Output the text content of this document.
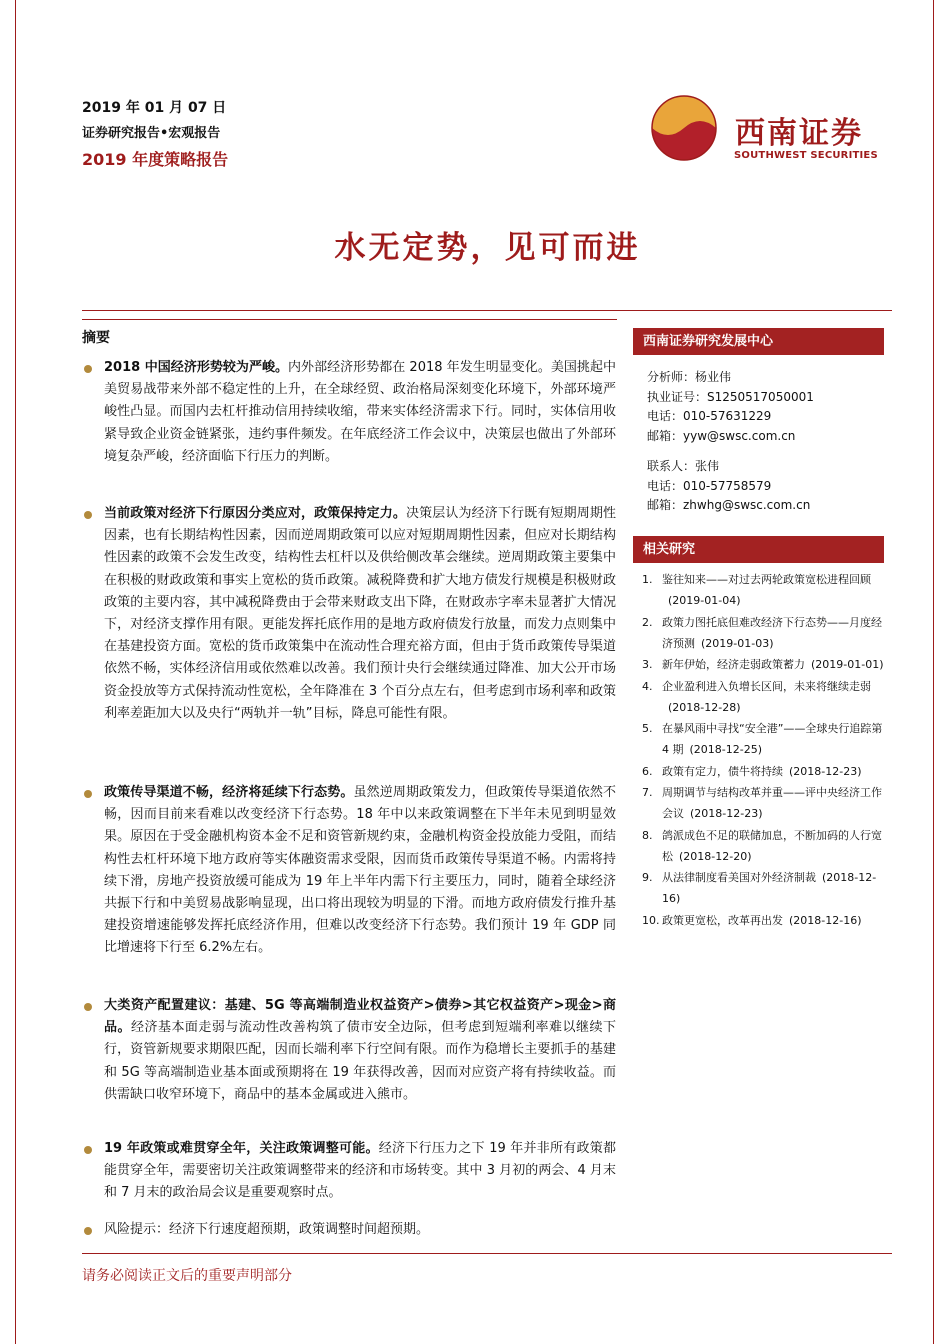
2019 年 01 月 07 日
证券研究报告•宏观报告
2019 年度策略报告
西南证券
SOUTHWEST SECURITIES
水无定势，见可而进
摘要
2018 中国经济形势较为严峻。内外部经济形势都在 2018 年发生明显变化。美国挑起中美贸易战带来外部不稳定性的上升，在全球经贸、政治格局深刻变化环境下，外部环境严峻性凸显。而国内去杠杆推动信用持续收缩，带来实体经济需求下行。同时，实体信用收紧导致企业资金链紧张，违约事件频发。在年底经济工作会议中，决策层也做出了外部环境复杂严峻，经济面临下行压力的判断。
当前政策对经济下行原因分类应对，政策保持定力。决策层认为经济下行既有短期周期性因素，也有长期结构性因素，因而逆周期政策可以应对短期周期性因素，但应对长期结构性因素的政策不会发生改变，结构性去杠杆以及供给侧改革会继续。逆周期政策主要集中在积极的财政政策和事实上宽松的货币政策。减税降费和扩大地方债发行规模是积极财政政策的主要内容，其中减税降费由于会带来财政支出下降，在财政赤字率未显著扩大情况下，对经济支撑作用有限。更能发挥托底作用的是地方政府债发行放量，而发力点则集中在基建投资方面。宽松的货币政策集中在流动性合理充裕方面，但由于货币政策传导渠道依然不畅，实体经济信用或依然难以改善。我们预计央行会继续通过降准、加大公开市场资金投放等方式保持流动性宽松，全年降准在 3 个百分点左右，但考虑到市场利率和政策利率差距加大以及央行“两轨并一轨”目标，降息可能性有限。
政策传导渠道不畅，经济将延续下行态势。虽然逆周期政策发力，但政策传导渠道依然不畅，因而目前来看难以改变经济下行态势。18 年中以来政策调整在下半年未见到明显效果。原因在于受金融机构资本金不足和资管新规约束，金融机构资金投放能力受阻，而结构性去杠杆环境下地方政府等实体融资需求受限，因而货币政策传导渠道不畅。内需将持续下滑，房地产投资放缓可能成为 19 年上半年内需下行主要压力，同时，随着全球经济共振下行和中美贸易战影响显现，出口将出现较为明显的下滑。而地方政府债发行推升基建投资增速能够发挥托底经济作用，但难以改变经济下行态势。我们预计 19 年 GDP 同比增速将下行至 6.2%左右。
大类资产配置建议：基建、5G 等高端制造业权益资产>债券>其它权益资产>现金>商品。经济基本面走弱与流动性改善构筑了债市安全边际，但考虑到短端利率难以继续下行，资管新规要求期限匹配，因而长端利率下行空间有限。而作为稳增长主要抓手的基建和 5G 等高端制造业基本面或预期将在 19 年获得改善，因而对应资产将有持续收益。而供需缺口收窄环境下，商品中的基本金属或进入熊市。
19 年政策或难贯穿全年，关注政策调整可能。经济下行压力之下 19 年并非所有政策都能贯穿全年，需要密切关注政策调整带来的经济和市场转变。其中 3 月初的两会、4 月末和 7 月末的政治局会议是重要观察时点。
风险提示：经济下行速度超预期，政策调整时间超预期。
西南证券研究发展中心
分析师：杨业伟
执业证号：S1250517050001
电话：010-57631229
邮箱：yyw@swsc.com.cn
联系人：张伟
电话：010-57758579
邮箱：zhwhg@swsc.com.cn
相关研究
1. 鉴往知来——对过去两轮政策宽松进程回顾(2019-01-04)
2. 政策力图托底但难改经济下行态势——月度经济预测 (2019-01-03)
3. 新年伊始，经济走弱政策蓄力 (2019-01-01)
4. 企业盈利进入负增长区间，未来将继续走弱(2018-12-28)
5. 在暴风雨中寻找“安全港”——全球央行追踪第 4 期 (2018-12-25)
6. 政策有定力，债牛将持续 (2018-12-23)
7. 周期调节与结构改革并重——评中央经济工作会议 (2018-12-23)
8. 鸽派成色不足的联储加息，不断加码的人行宽松 (2018-12-20)
9. 从法律制度看美国对外经济制裁 (2018-12-16)
10. 政策更宽松，改革再出发 (2018-12-16)
请务必阅读正文后的重要声明部分
